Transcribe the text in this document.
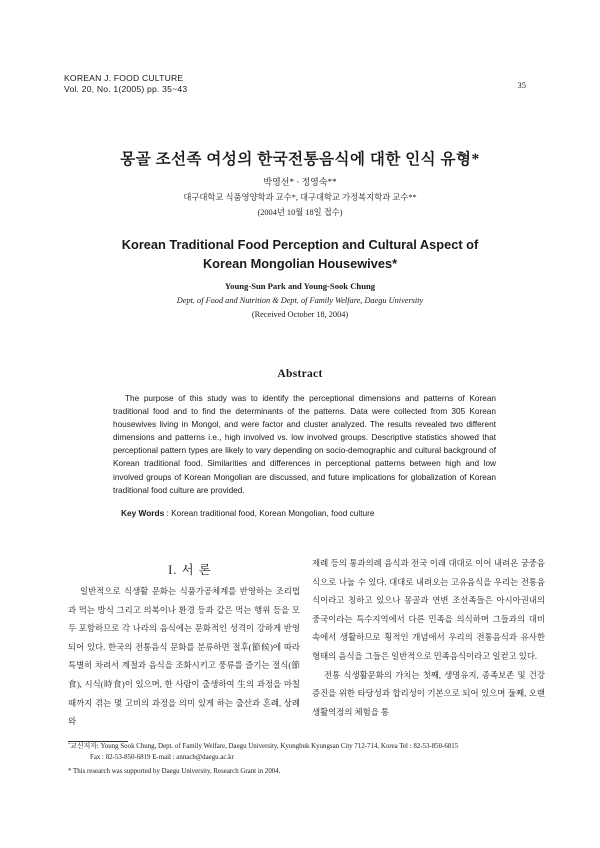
KOREAN J. FOOD CULTURE
Vol. 20, No. 1(2005) pp. 35~43	35
몽골 조선족 여성의 한국전통음식에 대한 인식 유형*
박영선* · 정영숙**
대구대학교 식품영양학과 교수*, 대구대학교 가정복지학과 교수**
(2004년 10월 18일 접수)
Korean Traditional Food Perception and Cultural Aspect of
Korean Mongolian Housewives*
Young-Sun Park and Young-Sook Chung
Dept. of Food and Nutrition & Dept. of Family Welfare, Daegu University
(Received October 18, 2004)
Abstract
The purpose of this study was to identify the perceptional dimensions and patterns of Korean traditional food and to find the determinants of the patterns. Data were collected from 305 Korean housewives living in Mongol, and were factor and cluster analyzed. The results revealed two different dimensions and patterns i.e., high involved vs. low involved groups. Descriptive statistics showed that perceptional pattern types are likely to vary depending on socio-demographic and cultural background of Korean traditional food. Similarities and differences in perceptional patterns between high and low involved groups of Korean Mongolian are discussed, and future implications for globalization of Korean traditional food culture are provided.
Key Words : Korean traditional food, Korean Mongolian, food culture
I. 서 론

일반적으로 식생활 문화는 식품가공체계를 반영하는 조리법과 먹는 방식 그리고 의복이나 환경 등과 같은 먹는 행위 등을 모두 포함하므로 각 나라의 음식에는 문화적인 성격이 강하게 반영되어 있다. 한국의 전통음식 문화를 분류하면 절후(節候)에 따라 특별히 차려서 계절과 음식을 조화시키고 풍류를 즐기는 절식(節食), 시식(時食)이 있으며, 한 사람이 출생하여 生의 과정을 마칠 때까지 겪는 몇 고비의 과정을 의미 있게 하는 출산과 혼례, 상례와

제례 등의 통과의례 음식과 전국 이래 대대로 이어 내려온 궁중음식으로 나눌 수 있다. 대대로 내려오는 고유음식을 우리는 전통음식이라고 칭하고 있으나 몽골과 연변 조선족들은 아시아권내의 중국이라는 특수지역에서 다른 민족을 의식하며 그들과의 대비 속에서 생활하므로 횡적인 개념에서 우리의 전통음식과 유사한 형태의 음식을 그들은 일반적으로 민족음식이라고 일컫고 있다.

전통 식생활문화의 가치는 첫째, 생명유지, 종족보존 및 건강증진을 위한 타당성과 합리성이 기본으로 되어 있으며 둘째, 오랜 생활역정의 체험을 통

ˆ교신저자: Young Sook Chung, Dept. of Family Welfare, Daegu University, Kyungbuk Kyungsan City 712-714, Korea Tel : 82-53-850-6815
Fax : 82-53-850-6819 E-mail : annach@daegu.ac.kr
* This research was supported by Daegu University, Research Grant in 2004.
